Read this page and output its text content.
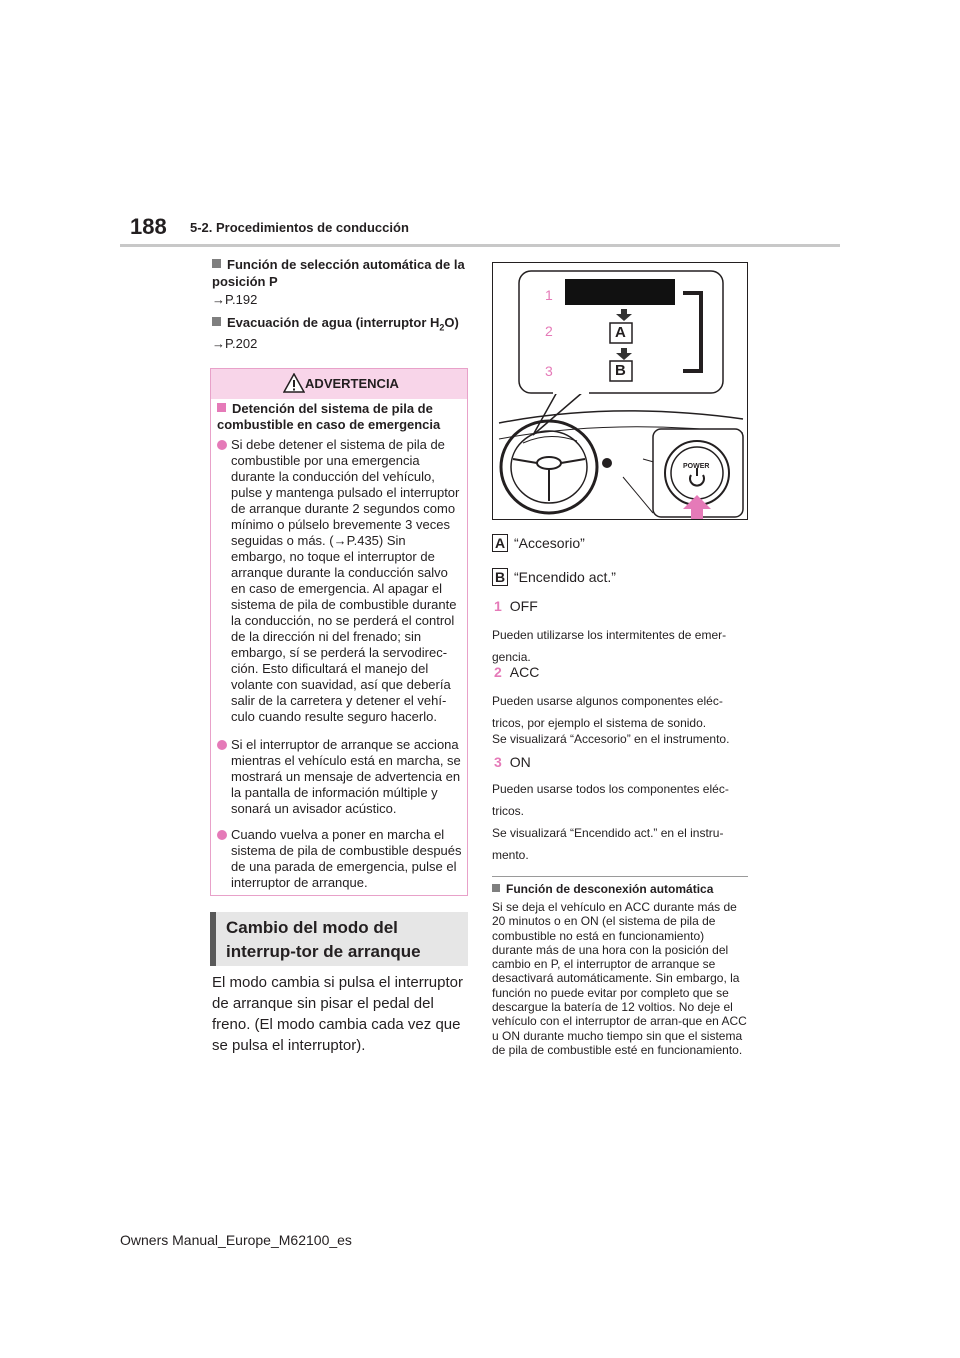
188 5-2. Procedimientos de conducción
Función de selección automática de la posición P
→P.192
Evacuación de agua (interruptor $H_2O$)
→P.202
ADVERTENCIA
Detención del sistema de pila de combustible en caso de emergencia
Si debe detener el sistema de pila de combustible por una emergencia durante la conducción del vehículo, pulse y mantenga pulsado el interruptor de arranque durante 2 segundos como mínimo o púlselo brevemente 3 veces seguidas o más. (→P.435) Sin embargo, no toque el interruptor de arranque durante la conducción salvo en caso de emergencia. Al apagar el sistema de pila de combustible durante la conducción, no se perderá el control de la dirección ni del frenado; sin embargo, sí se perderá la servodirec-ción. Esto dificultará el manejo del volante con suavidad, así que debería salir de la carretera y detener el vehí-culo cuando resulte seguro hacerlo.
Si el interruptor de arranque se acciona mientras el vehículo está en marcha, se mostrará un mensaje de advertencia en la pantalla de información múltiple y sonará un avisador acústico.
Cuando vuelva a poner en marcha el sistema de pila de combustible después de una parada de emergencia, pulse el interruptor de arranque.
Cambio del modo del interrup-tor de arranque
El modo cambia si pulsa el interruptor de arranque sin pisar el pedal del freno. (El modo cambia cada vez que se pulsa el interruptor).
1
2
3
A
B
POWER
A “Accesorio”
B “Encendido act.”
1 OFF
Pueden utilizarse los intermitentes de emer-gencia.
2 ACC
Pueden usarse algunos componentes eléc-tricos, por ejemplo el sistema de sonido.
Se visualizará “Accesorio” en el instrumento.
3 ON
Pueden usarse todos los componentes eléc-tricos.
Se visualizará “Encendido act.” en el instru-mento.
Función de desconexión automática
Si se deja el vehículo en ACC durante más de 20 minutos o en ON (el sistema de pila de combustible no está en funcionamiento) durante más de una hora con la posición del cambio en P, el interruptor de arranque se desactivará automáticamente. Sin embargo, la función no puede evitar por completo que se descargue la batería de 12 voltios. No deje el vehículo con el interruptor de arran-que en ACC u ON durante mucho tiempo sin que el sistema de pila de combustible esté en funcionamiento.
Owners Manual_Europe_M62100_es
